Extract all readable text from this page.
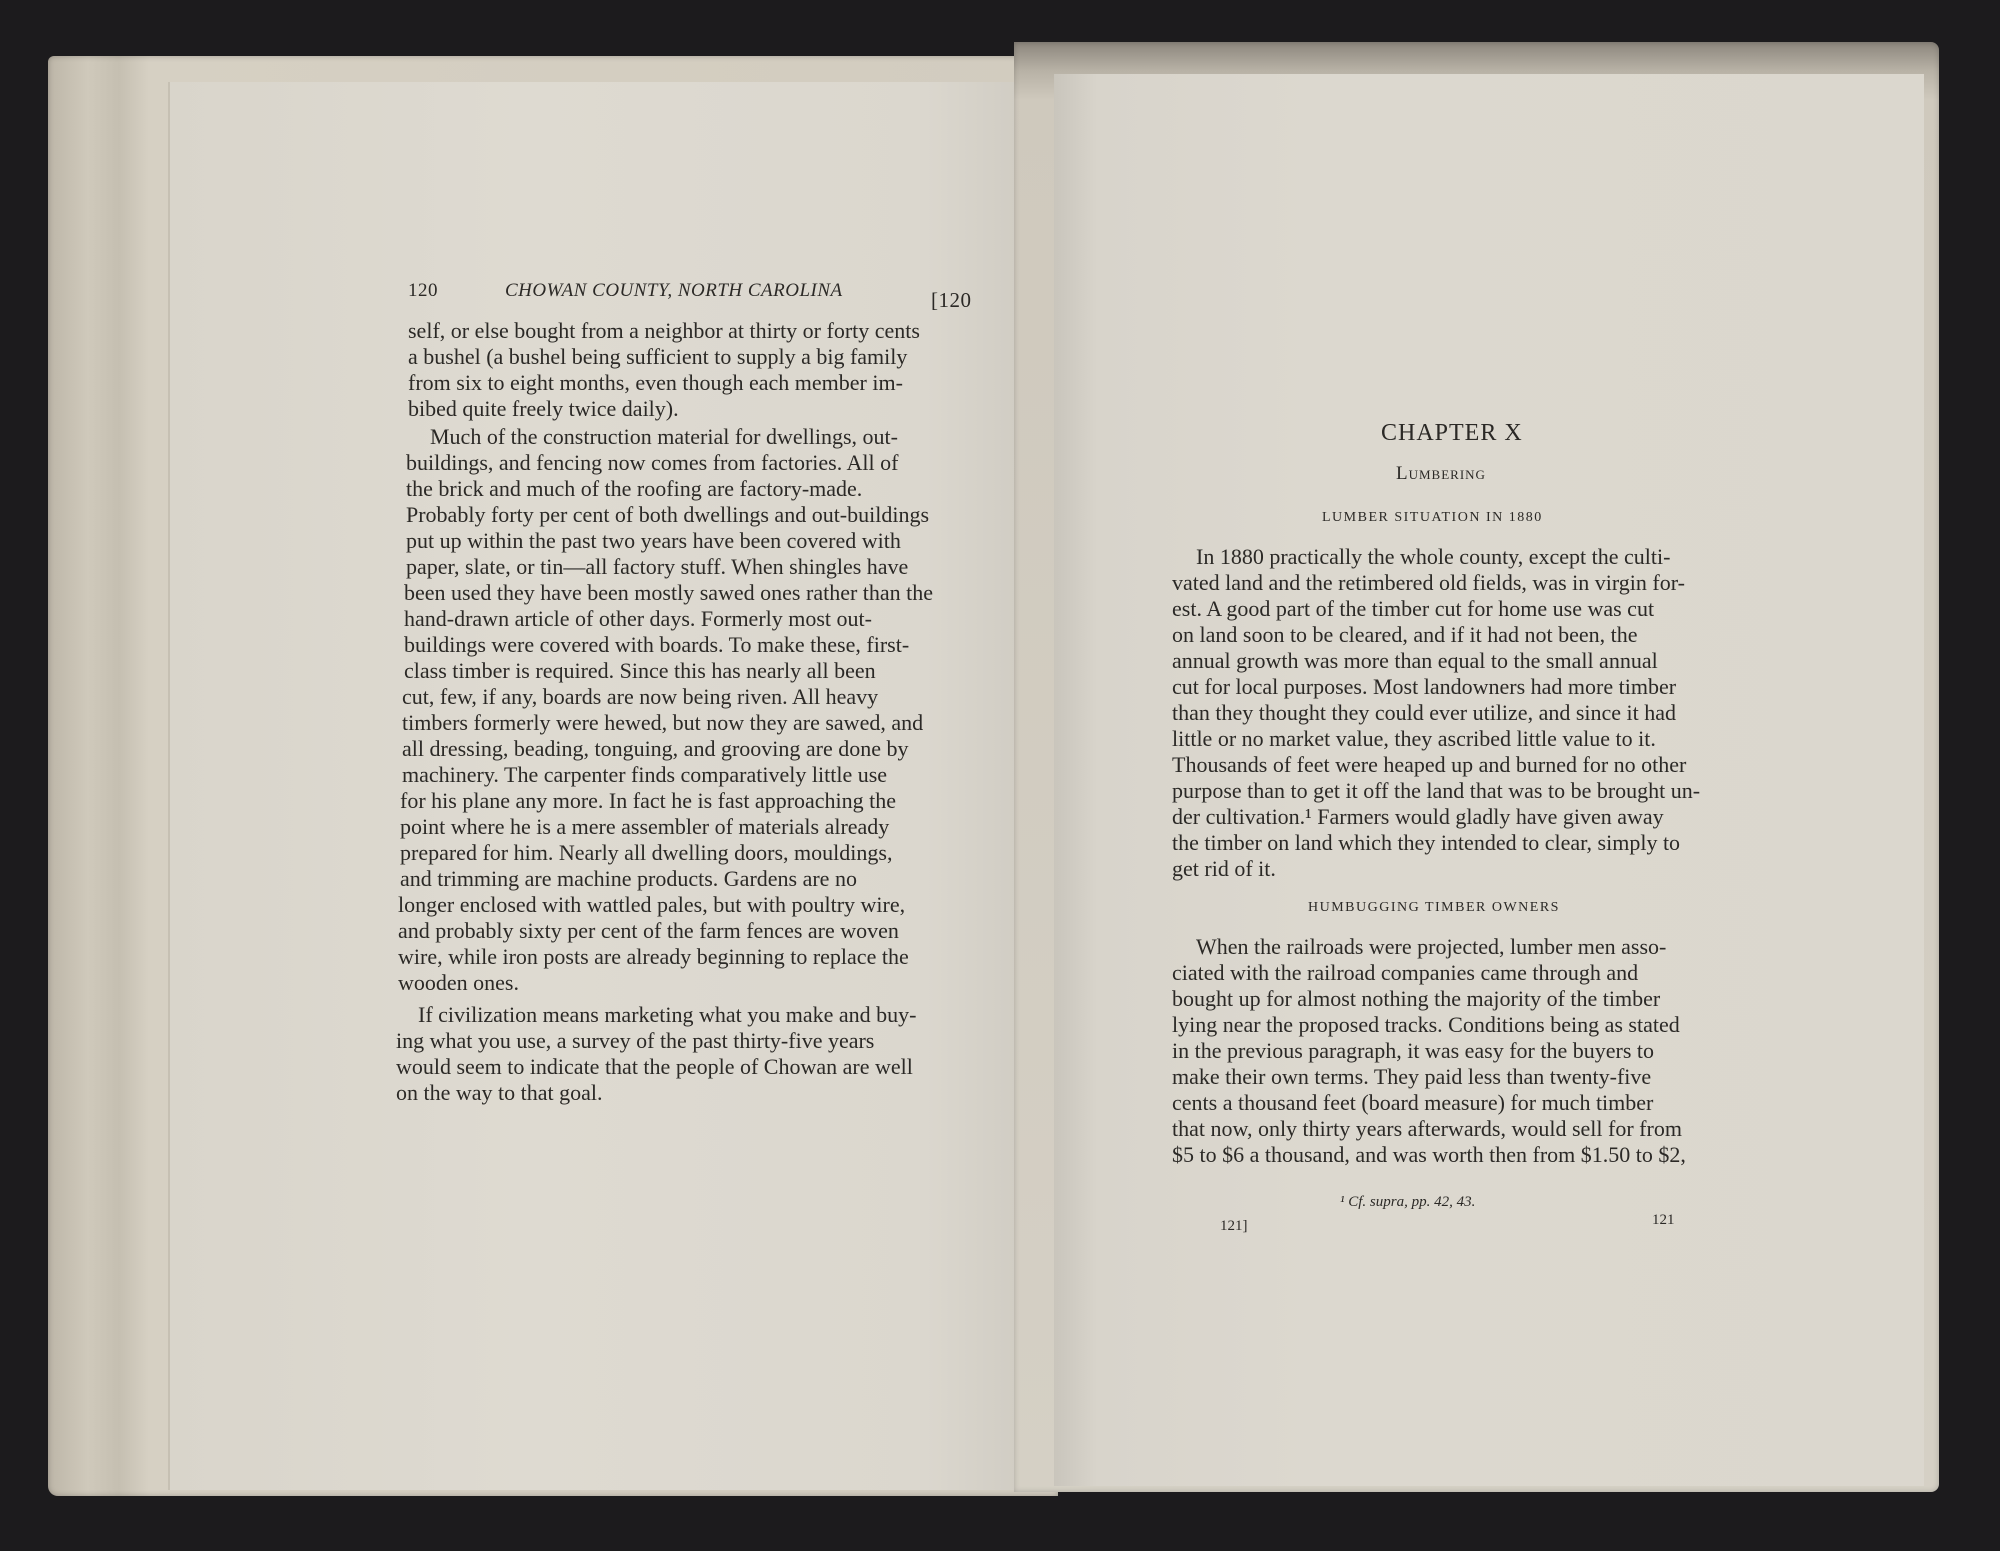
120	CHOWAN COUNTY, NORTH CAROLINA	[120
self, or else bought from a neighbor at thirty or forty cents
a bushel (a bushel being sufficient to supply a big family
from six to eight months, even though each member im-
bibed quite freely twice daily).
Much of the construction material for dwellings, out-
buildings, and fencing now comes from factories. All of
the brick and much of the roofing are factory-made.
Probably forty per cent of both dwellings and out-buildings
put up within the past two years have been covered with
paper, slate, or tin—all factory stuff. When shingles have
been used they have been mostly sawed ones rather than the
hand-drawn article of other days. Formerly most out-
buildings were covered with boards. To make these, first-
class timber is required. Since this has nearly all been
cut, few, if any, boards are now being riven. All heavy
timbers formerly were hewed, but now they are sawed, and
all dressing, beading, tonguing, and grooving are done by
machinery. The carpenter finds comparatively little use
for his plane any more. In fact he is fast approaching the
point where he is a mere assembler of materials already
prepared for him. Nearly all dwelling doors, mouldings,
and trimming are machine products. Gardens are no
longer enclosed with wattled pales, but with poultry wire,
and probably sixty per cent of the farm fences are woven
wire, while iron posts are already beginning to replace the
wooden ones.
If civilization means marketing what you make and buy-
ing what you use, a survey of the past thirty-five years
would seem to indicate that the people of Chowan are well
on the way to that goal.
CHAPTER X
Lumbering
LUMBER SITUATION IN 1880
In 1880 practically the whole county, except the culti-
vated land and the retimbered old fields, was in virgin for-
est. A good part of the timber cut for home use was cut
on land soon to be cleared, and if it had not been, the
annual growth was more than equal to the small annual
cut for local purposes. Most landowners had more timber
than they thought they could ever utilize, and since it had
little or no market value, they ascribed little value to it.
Thousands of feet were heaped up and burned for no other
purpose than to get it off the land that was to be brought un-
der cultivation.¹ Farmers would gladly have given away
the timber on land which they intended to clear, simply to
get rid of it.
HUMBUGGING TIMBER OWNERS
When the railroads were projected, lumber men asso-
ciated with the railroad companies came through and
bought up for almost nothing the majority of the timber
lying near the proposed tracks. Conditions being as stated
in the previous paragraph, it was easy for the buyers to
make their own terms. They paid less than twenty-five
cents a thousand feet (board measure) for much timber
that now, only thirty years afterwards, would sell for from
$5 to $6 a thousand, and was worth then from $1.50 to $2,
¹ Cf. supra, pp. 42, 43.
121]	121
